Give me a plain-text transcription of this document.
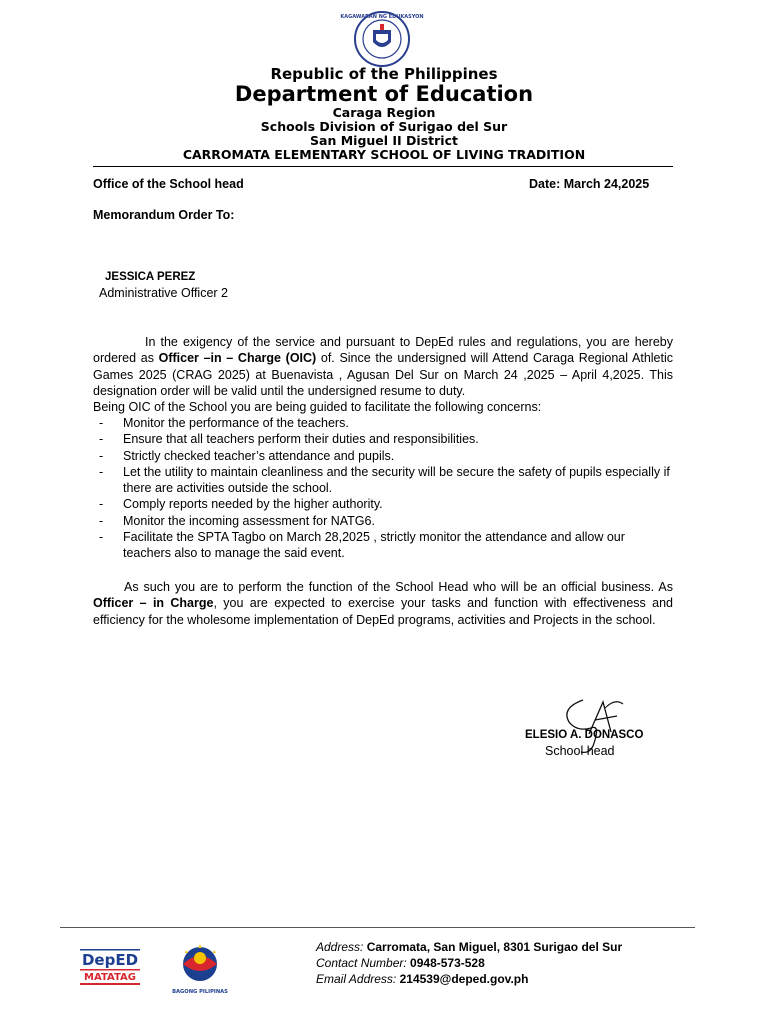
KAGAWARAN NG EDUKASYON
Republic of the Philippines
Department of Education
Caraga Region
Schools Division of Surigao del Sur
San Miguel II District
CARROMATA ELEMENTARY SCHOOL OF LIVING TRADITION
Office of the School head	Date: March 24,2025
Memorandum Order To:
JESSICA PEREZ
Administrative Officer 2
In the exigency of the service and pursuant to DepEd rules and regulations, you are hereby ordered as Officer –in – Charge (OIC) of. Since the undersigned will Attend Caraga Regional Athletic Games 2025 (CRAG 2025) at Buenavista , Agusan Del Sur on March 24 ,2025 – April 4,2025. This designation order will be valid until the undersigned resume to duty.
Being OIC of the School you are being guided to facilitate the following concerns:
- Monitor the performance of the teachers.
- Ensure that all teachers perform their duties and responsibilities.
- Strictly checked teacher’s attendance and pupils.
- Let the utility to maintain cleanliness and the security will be secure the safety of pupils especially if there are activities outside the school.
- Comply reports needed by the higher authority.
- Monitor the incoming assessment for NATG6.
- Facilitate the SPTA Tagbo on March 28,2025 , strictly monitor the attendance and allow our teachers also to manage the said event.
As such you are to perform the function of the School Head who will be an official business. As Officer – in Charge, you are expected to exercise your tasks and function with effectiveness and efficiency for the wholesome implementation of DepEd programs, activities and Projects in the school.
ELESIO A. DONASCO
School head
DepED
MATATAG
BAGONG PILIPINAS
Address: Carromata, San Miguel, 8301 Surigao del Sur
Contact Number: 0948-573-528
Email Address: 214539@deped.gov.ph
